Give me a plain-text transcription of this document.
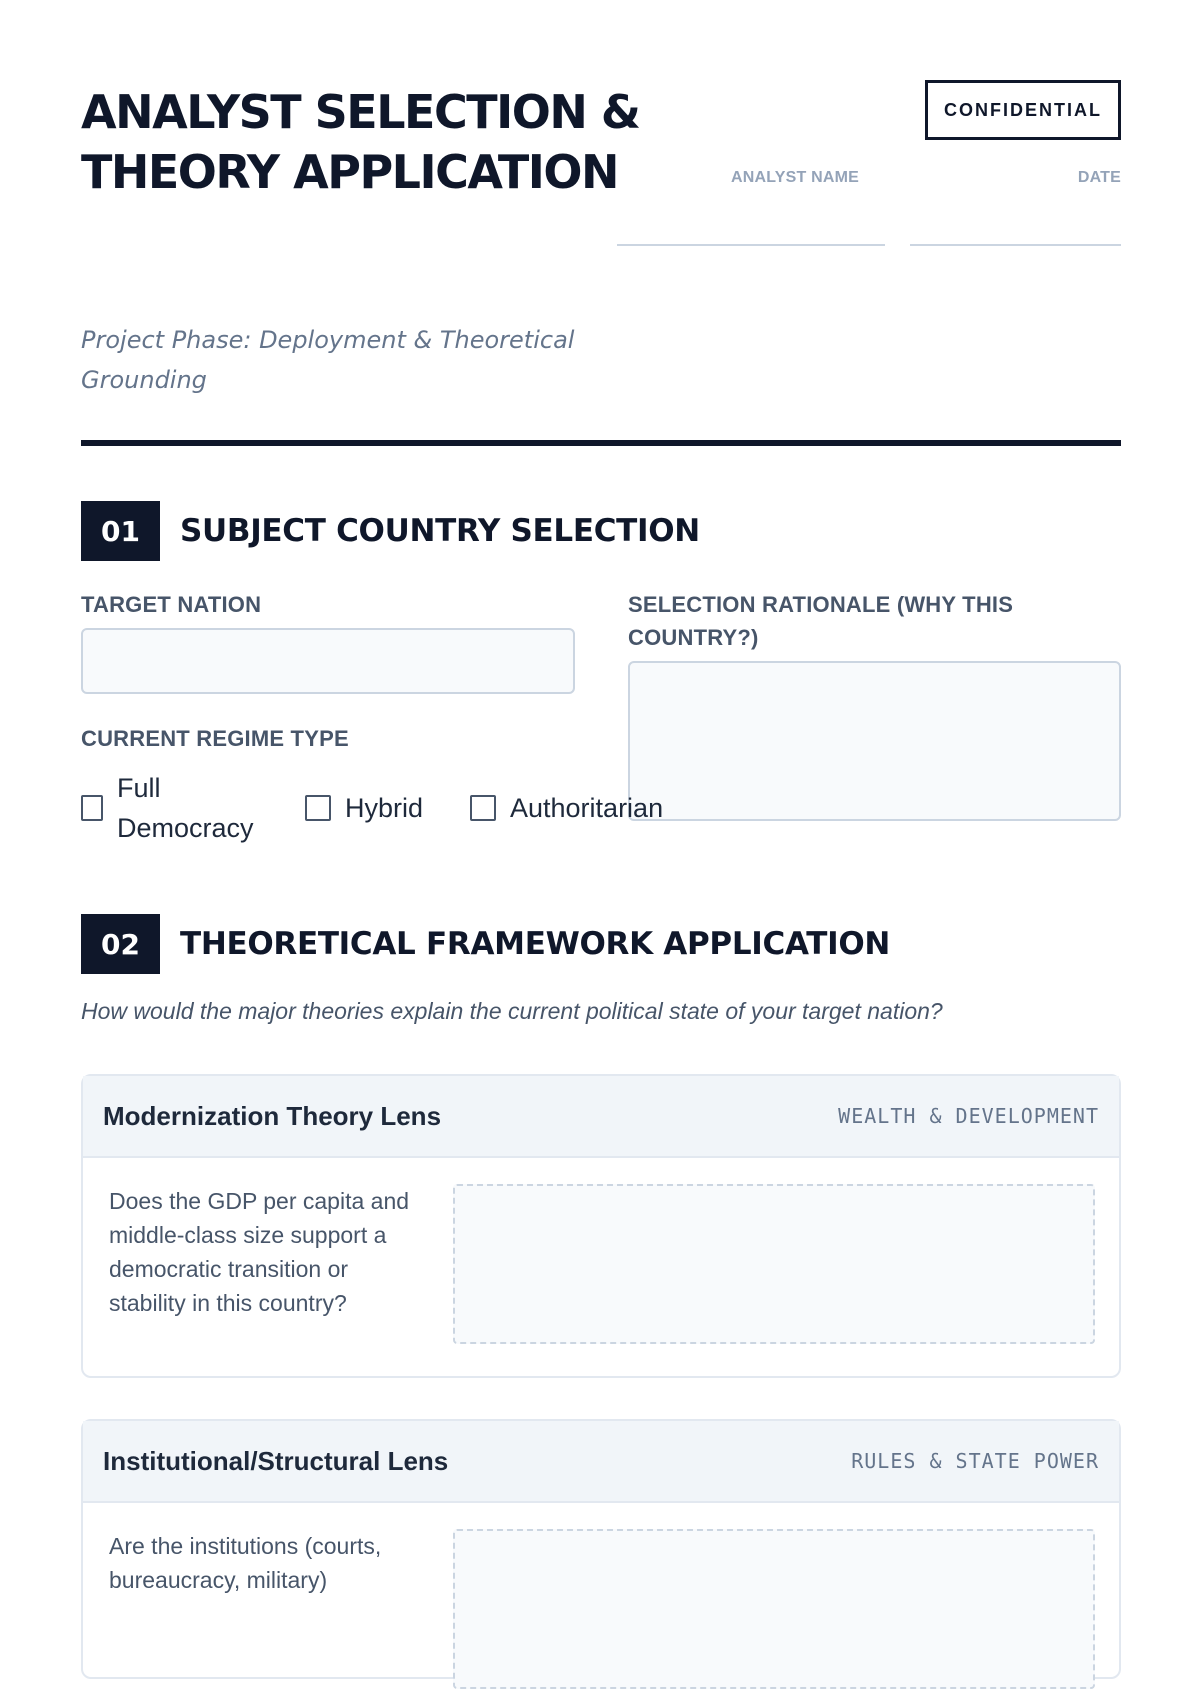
ANALYST SELECTION & THEORY APPLICATION
Project Phase: Deployment & Theoretical Grounding
CONFIDENTIAL
ANALYST NAME	DATE
01	SUBJECT COUNTRY SELECTION
TARGET NATION	SELECTION RATIONALE (WHY THIS COUNTRY?)
CURRENT REGIME TYPE
Full Democracy
Hybrid	Authoritarian
02	THEORETICAL FRAMEWORK APPLICATION
How would the major theories explain the current political state of your target nation?
Modernization Theory Lens	WEALTH & DEVELOPMENT
Does the GDP per capita and middle-class size support a democratic transition or stability in this country?
Institutional/Structural Lens	RULES & STATE POWER
Are the institutions (courts, bureaucracy, military)
